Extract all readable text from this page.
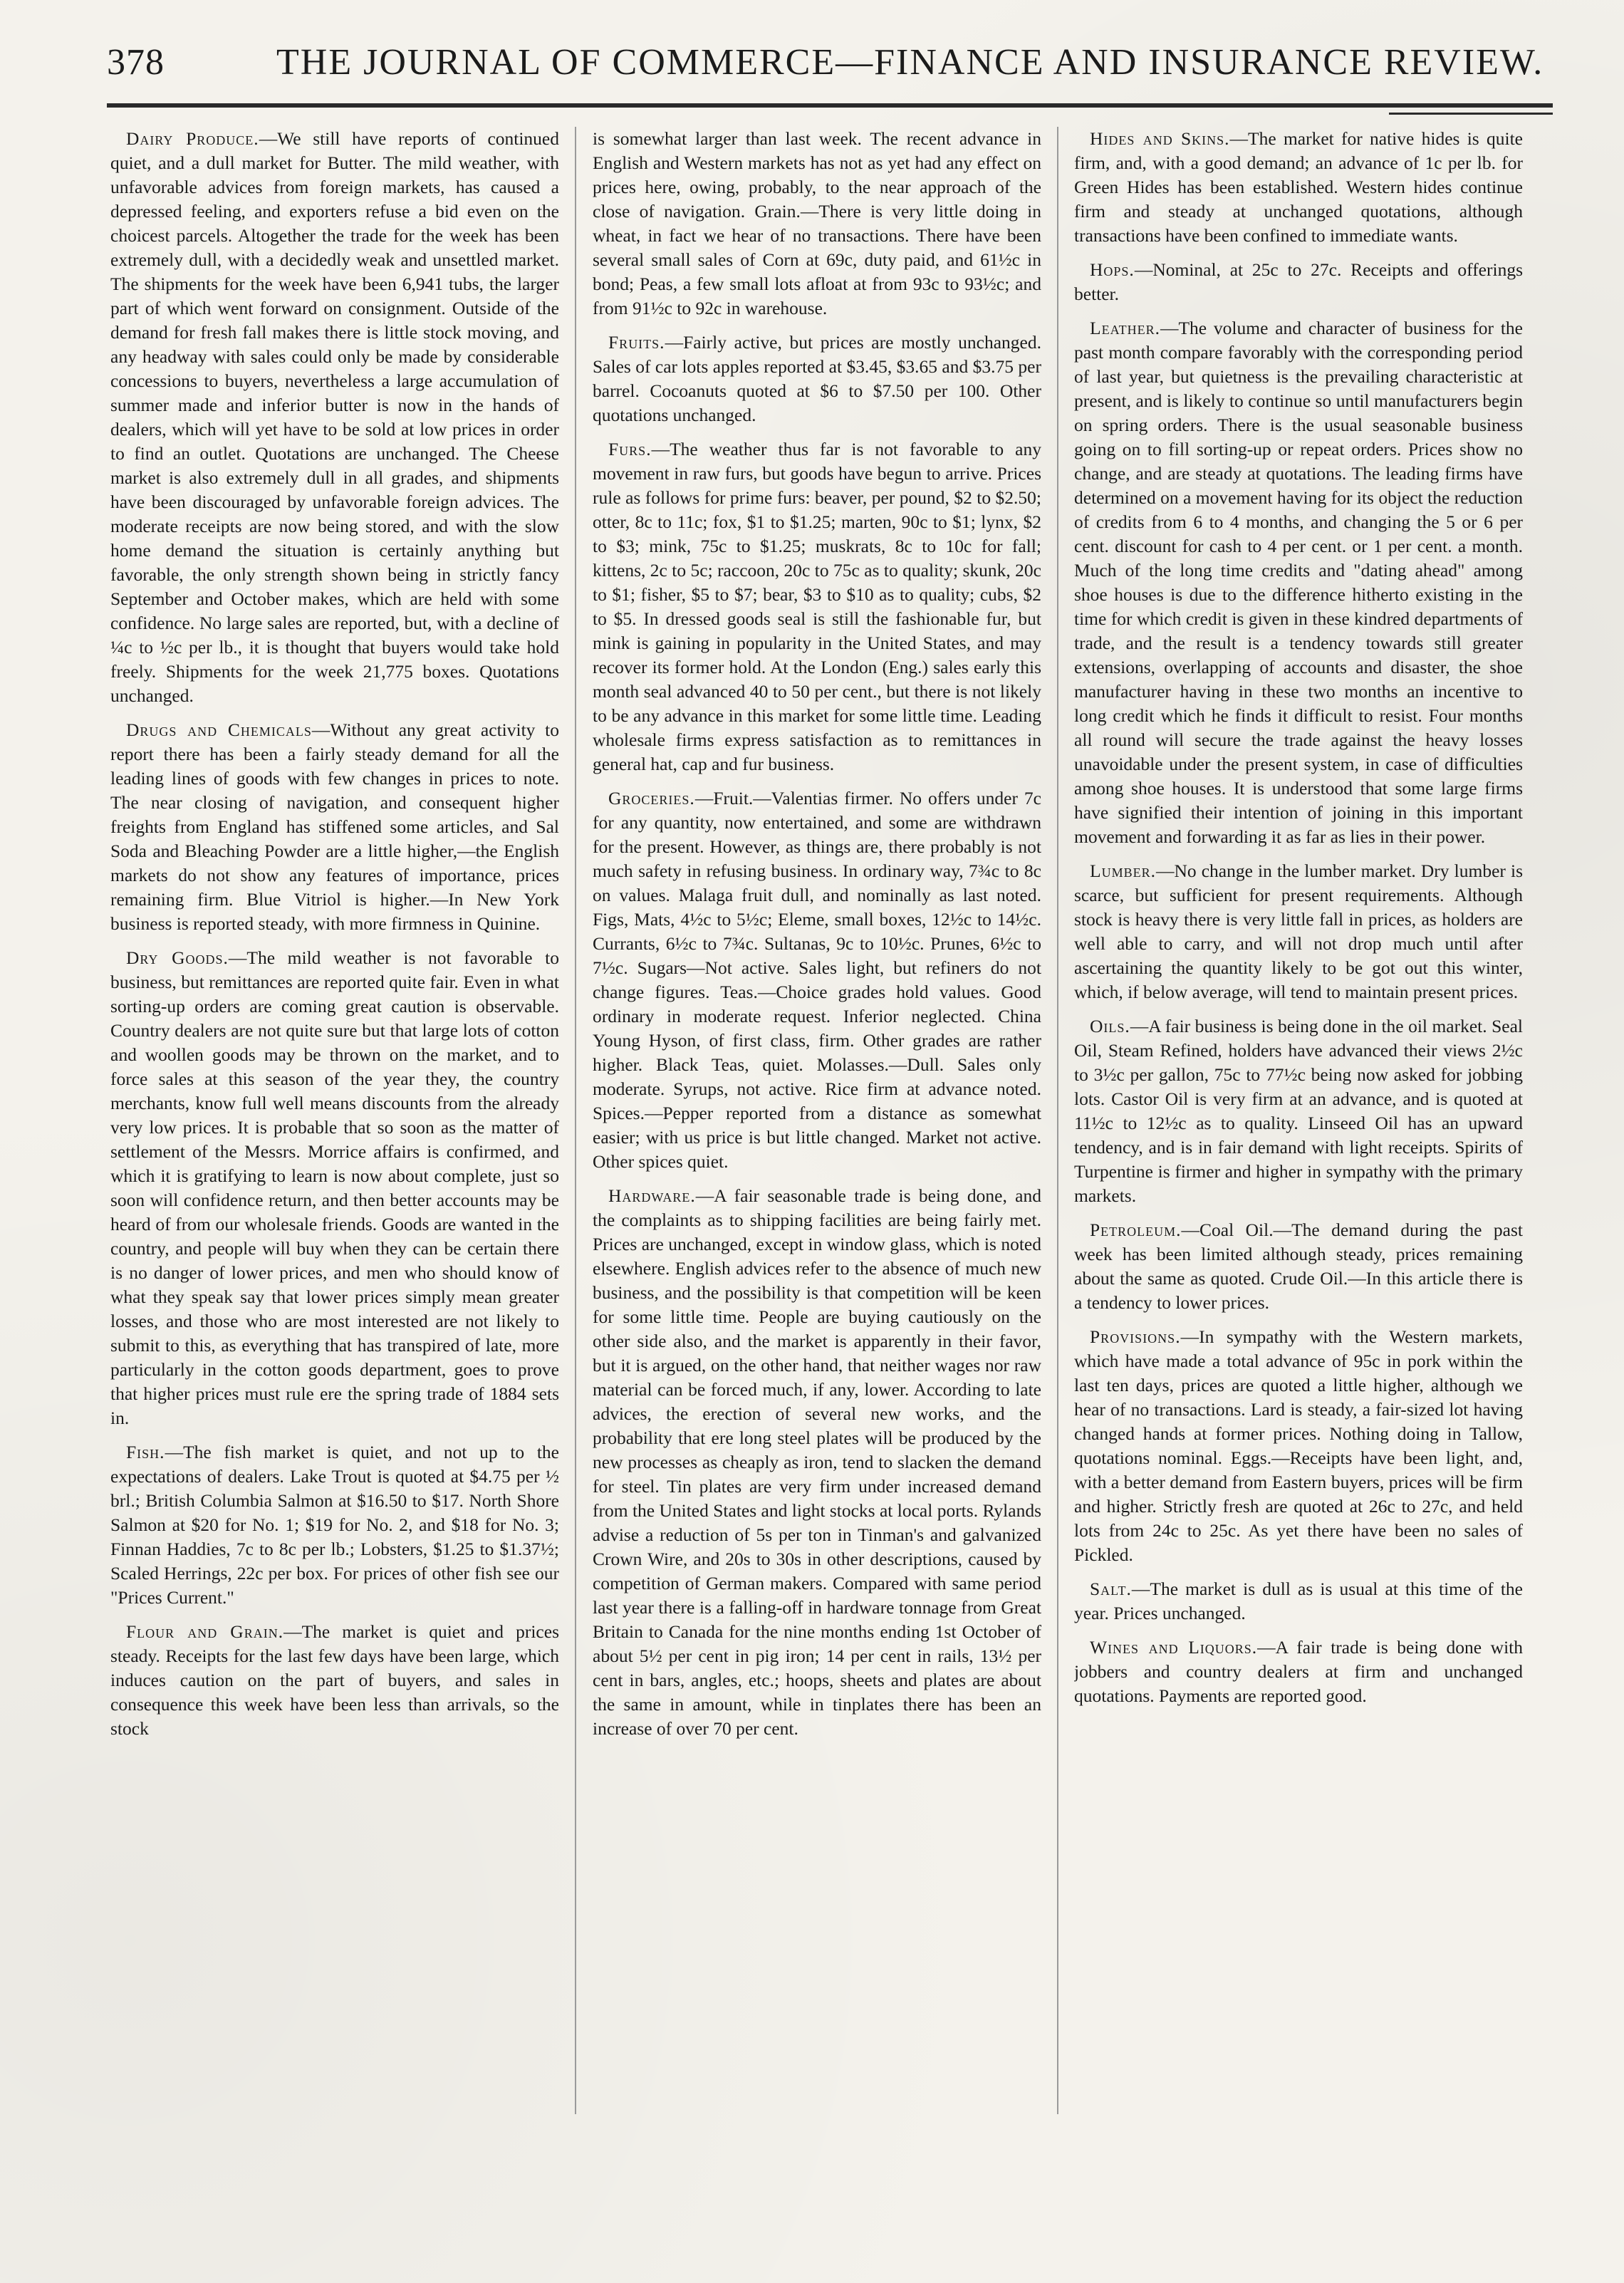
378	THE JOURNAL OF COMMERCE—FINANCE AND INSURANCE REVIEW.

Dairy Produce.—We still have reports of continued quiet, and a dull market for Butter. The mild weather, with unfavorable advices from foreign markets, has caused a depressed feeling, and exporters refuse a bid even on the choicest parcels. Altogether the trade for the week has been extremely dull, with a decidedly weak and unsettled market. The shipments for the week have been 6,941 tubs, the larger part of which went forward on consignment. Outside of the demand for fresh fall makes there is little stock moving, and any headway with sales could only be made by considerable concessions to buyers, nevertheless a large accumulation of summer made and inferior butter is now in the hands of dealers, which will yet have to be sold at low prices in order to find an outlet. Quotations are unchanged. The Cheese market is also extremely dull in all grades, and shipments have been discouraged by unfavorable foreign advices. The moderate receipts are now being stored, and with the slow home demand the situation is certainly anything but favorable, the only strength shown being in strictly fancy September and October makes, which are held with some confidence. No large sales are reported, but, with a decline of ¼c to ½c per lb., it is thought that buyers would take hold freely. Shipments for the week 21,775 boxes. Quotations unchanged.

Drugs and Chemicals—Without any great activity to report there has been a fairly steady demand for all the leading lines of goods with few changes in prices to note. The near closing of navigation, and consequent higher freights from England has stiffened some articles, and Sal Soda and Bleaching Powder are a little higher,—the English markets do not show any features of importance, prices remaining firm. Blue Vitriol is higher.—In New York business is reported steady, with more firmness in Quinine.

Dry Goods.—The mild weather is not favorable to business, but remittances are reported quite fair. Even in what sorting-up orders are coming great caution is observable. Country dealers are not quite sure but that large lots of cotton and woollen goods may be thrown on the market, and to force sales at this season of the year they, the country merchants, know full well means discounts from the already very low prices. It is probable that so soon as the matter of settlement of the Messrs. Morrice affairs is confirmed, and which it is gratifying to learn is now about complete, just so soon will confidence return, and then better accounts may be heard of from our wholesale friends. Goods are wanted in the country, and people will buy when they can be certain there is no danger of lower prices, and men who should know of what they speak say that lower prices simply mean greater losses, and those who are most interested are not likely to submit to this, as everything that has transpired of late, more particularly in the cotton goods department, goes to prove that higher prices must rule ere the spring trade of 1884 sets in.

Fish.—The fish market is quiet, and not up to the expectations of dealers. Lake Trout is quoted at $4.75 per ½ brl.; British Columbia Salmon at $16.50 to $17. North Shore Salmon at $20 for No. 1; $19 for No. 2, and $18 for No. 3; Finnan Haddies, 7c to 8c per lb.; Lobsters, $1.25 to $1.37½; Scaled Herrings, 22c per box. For prices of other fish see our "Prices Current."

Flour and Grain.—The market is quiet and prices steady. Receipts for the last few days have been large, which induces caution on the part of buyers, and sales in consequence this week have been less than arrivals, so the stock

is somewhat larger than last week. The recent advance in English and Western markets has not as yet had any effect on prices here, owing, probably, to the near approach of the close of navigation. Grain.—There is very little doing in wheat, in fact we hear of no transactions. There have been several small sales of Corn at 69c, duty paid, and 61½c in bond; Peas, a few small lots afloat at from 93c to 93½c; and from 91½c to 92c in warehouse.

Fruits.—Fairly active, but prices are mostly unchanged. Sales of car lots apples reported at $3.45, $3.65 and $3.75 per barrel. Cocoanuts quoted at $6 to $7.50 per 100. Other quotations unchanged.

Furs.—The weather thus far is not favorable to any movement in raw furs, but goods have begun to arrive. Prices rule as follows for prime furs: beaver, per pound, $2 to $2.50; otter, 8c to 11c; fox, $1 to $1.25; marten, 90c to $1; lynx, $2 to $3; mink, 75c to $1.25; muskrats, 8c to 10c for fall; kittens, 2c to 5c; raccoon, 20c to 75c as to quality; skunk, 20c to $1; fisher, $5 to $7; bear, $3 to $10 as to quality; cubs, $2 to $5. In dressed goods seal is still the fashionable fur, but mink is gaining in popularity in the United States, and may recover its former hold. At the London (Eng.) sales early this month seal advanced 40 to 50 per cent., but there is not likely to be any advance in this market for some little time. Leading wholesale firms express satisfaction as to remittances in general hat, cap and fur business.

Groceries.—Fruit.—Valentias firmer. No offers under 7c for any quantity, now entertained, and some are withdrawn for the present. However, as things are, there probably is not much safety in refusing business. In ordinary way, 7¾c to 8c on values. Malaga fruit dull, and nominally as last noted. Figs, Mats, 4½c to 5½c; Eleme, small boxes, 12½c to 14½c. Currants, 6½c to 7¾c. Sultanas, 9c to 10½c. Prunes, 6½c to 7½c. Sugars—Not active. Sales light, but refiners do not change figures. Teas.—Choice grades hold values. Good ordinary in moderate request. Inferior neglected. China Young Hyson, of first class, firm. Other grades are rather higher. Black Teas, quiet. Molasses.—Dull. Sales only moderate. Syrups, not active. Rice firm at advance noted. Spices.—Pepper reported from a distance as somewhat easier; with us price is but little changed. Market not active. Other spices quiet.

Hardware.—A fair seasonable trade is being done, and the complaints as to shipping facilities are being fairly met. Prices are unchanged, except in window glass, which is noted elsewhere. English advices refer to the absence of much new business, and the possibility is that competition will be keen for some little time. People are buying cautiously on the other side also, and the market is apparently in their favor, but it is argued, on the other hand, that neither wages nor raw material can be forced much, if any, lower. According to late advices, the erection of several new works, and the probability that ere long steel plates will be produced by the new processes as cheaply as iron, tend to slacken the demand for steel. Tin plates are very firm under increased demand from the United States and light stocks at local ports. Rylands advise a reduction of 5s per ton in Tinman's and galvanized Crown Wire, and 20s to 30s in other descriptions, caused by competition of German makers. Compared with same period last year there is a falling-off in hardware tonnage from Great Britain to Canada for the nine months ending 1st October of about 5½ per cent in pig iron; 14 per cent in rails, 13½ per cent in bars, angles, etc.; hoops, sheets and plates are about the same in amount, while in tinplates there has been an increase of over 70 per cent.

Hides and Skins.—The market for native hides is quite firm, and, with a good demand; an advance of 1c per lb. for Green Hides has been established. Western hides continue firm and steady at unchanged quotations, although transactions have been confined to immediate wants.

Hops.—Nominal, at 25c to 27c. Receipts and offerings better.

Leather.—The volume and character of business for the past month compare favorably with the corresponding period of last year, but quietness is the prevailing characteristic at present, and is likely to continue so until manufacturers begin on spring orders. There is the usual seasonable business going on to fill sorting-up or repeat orders. Prices show no change, and are steady at quotations. The leading firms have determined on a movement having for its object the reduction of credits from 6 to 4 months, and changing the 5 or 6 per cent. discount for cash to 4 per cent. or 1 per cent. a month. Much of the long time credits and "dating ahead" among shoe houses is due to the difference hitherto existing in the time for which credit is given in these kindred departments of trade, and the result is a tendency towards still greater extensions, overlapping of accounts and disaster, the shoe manufacturer having in these two months an incentive to long credit which he finds it difficult to resist. Four months all round will secure the trade against the heavy losses unavoidable under the present system, in case of difficulties among shoe houses. It is understood that some large firms have signified their intention of joining in this important movement and forwarding it as far as lies in their power.

Lumber.—No change in the lumber market. Dry lumber is scarce, but sufficient for present requirements. Although stock is heavy there is very little fall in prices, as holders are well able to carry, and will not drop much until after ascertaining the quantity likely to be got out this winter, which, if below average, will tend to maintain present prices.

Oils.—A fair business is being done in the oil market. Seal Oil, Steam Refined, holders have advanced their views 2½c to 3½c per gallon, 75c to 77½c being now asked for jobbing lots. Castor Oil is very firm at an advance, and is quoted at 11½c to 12½c as to quality. Linseed Oil has an upward tendency, and is in fair demand with light receipts. Spirits of Turpentine is firmer and higher in sympathy with the primary markets.

Petroleum.—Coal Oil.—The demand during the past week has been limited although steady, prices remaining about the same as quoted. Crude Oil.—In this article there is a tendency to lower prices.

Provisions.—In sympathy with the Western markets, which have made a total advance of 95c in pork within the last ten days, prices are quoted a little higher, although we hear of no transactions. Lard is steady, a fair-sized lot having changed hands at former prices. Nothing doing in Tallow, quotations nominal. Eggs.—Receipts have been light, and, with a better demand from Eastern buyers, prices will be firm and higher. Strictly fresh are quoted at 26c to 27c, and held lots from 24c to 25c. As yet there have been no sales of Pickled.

Salt.—The market is dull as is usual at this time of the year. Prices unchanged.

Wines and Liquors.—A fair trade is being done with jobbers and country dealers at firm and unchanged quotations. Payments are reported good.
